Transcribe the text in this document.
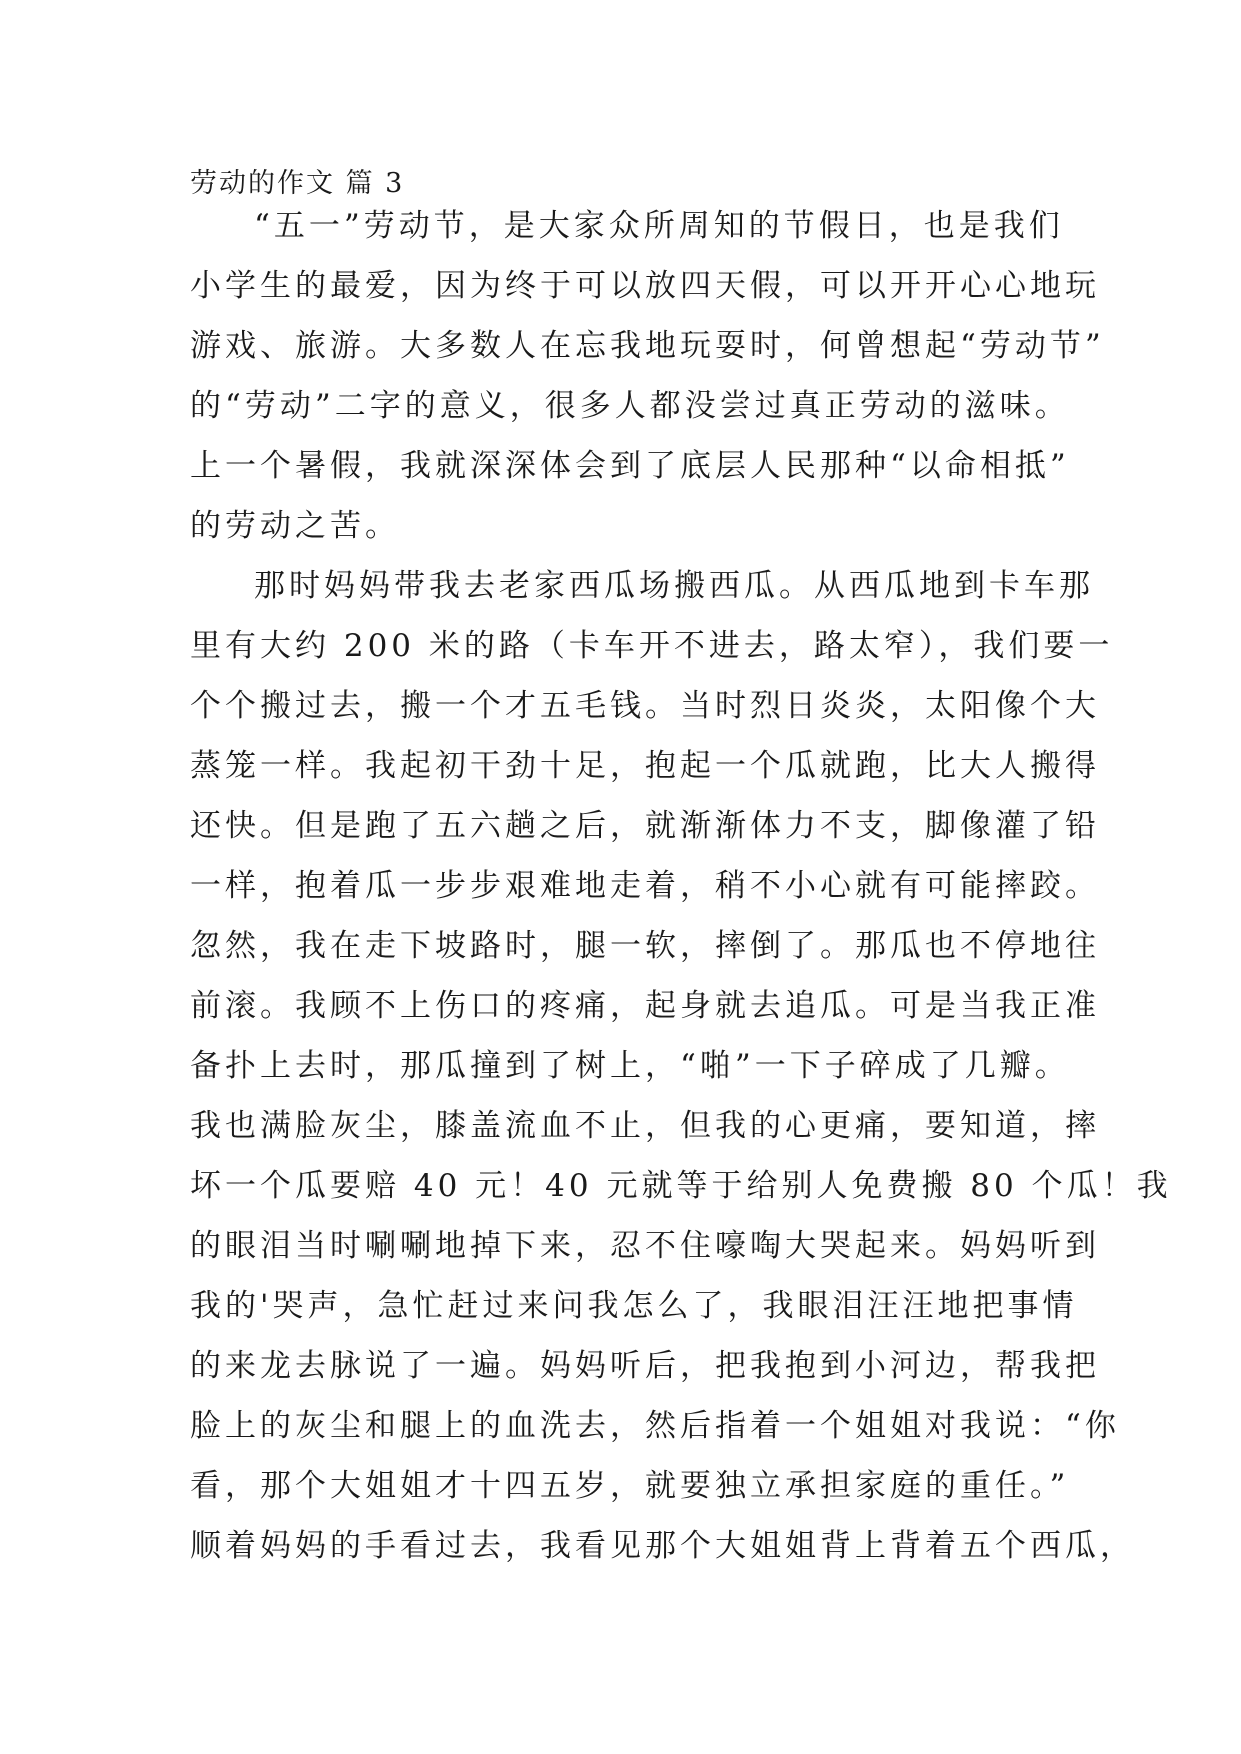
劳动的作文 篇 3
“五一”劳动节，是大家众所周知的节假日，也是我们
小学生的最爱，因为终于可以放四天假，可以开开心心地玩
游戏、旅游。大多数人在忘我地玩耍时，何曾想起“劳动节”
的“劳动”二字的意义，很多人都没尝过真正劳动的滋味。
上一个暑假，我就深深体会到了底层人民那种“以命相抵”
的劳动之苦。
那时妈妈带我去老家西瓜场搬西瓜。从西瓜地到卡车那
里有大约 200 米的路（卡车开不进去，路太窄），我们要一
个个搬过去，搬一个才五毛钱。当时烈日炎炎，太阳像个大
蒸笼一样。我起初干劲十足，抱起一个瓜就跑，比大人搬得
还快。但是跑了五六趟之后，就渐渐体力不支，脚像灌了铅
一样，抱着瓜一步步艰难地走着，稍不小心就有可能摔跤。
忽然，我在走下坡路时，腿一软，摔倒了。那瓜也不停地往
前滚。我顾不上伤口的疼痛，起身就去追瓜。可是当我正准
备扑上去时，那瓜撞到了树上，“啪”一下子碎成了几瓣。
我也满脸灰尘，膝盖流血不止，但我的心更痛，要知道，摔
坏一个瓜要赔 40 元！40 元就等于给别人免费搬 80 个瓜！我
的眼泪当时唰唰地掉下来，忍不住嚎啕大哭起来。妈妈听到
我的'哭声，急忙赶过来问我怎么了，我眼泪汪汪地把事情
的来龙去脉说了一遍。妈妈听后，把我抱到小河边，帮我把
脸上的灰尘和腿上的血洗去，然后指着一个姐姐对我说：“你
看，那个大姐姐才十四五岁，就要独立承担家庭的重任。”
顺着妈妈的手看过去，我看见那个大姐姐背上背着五个西瓜，
